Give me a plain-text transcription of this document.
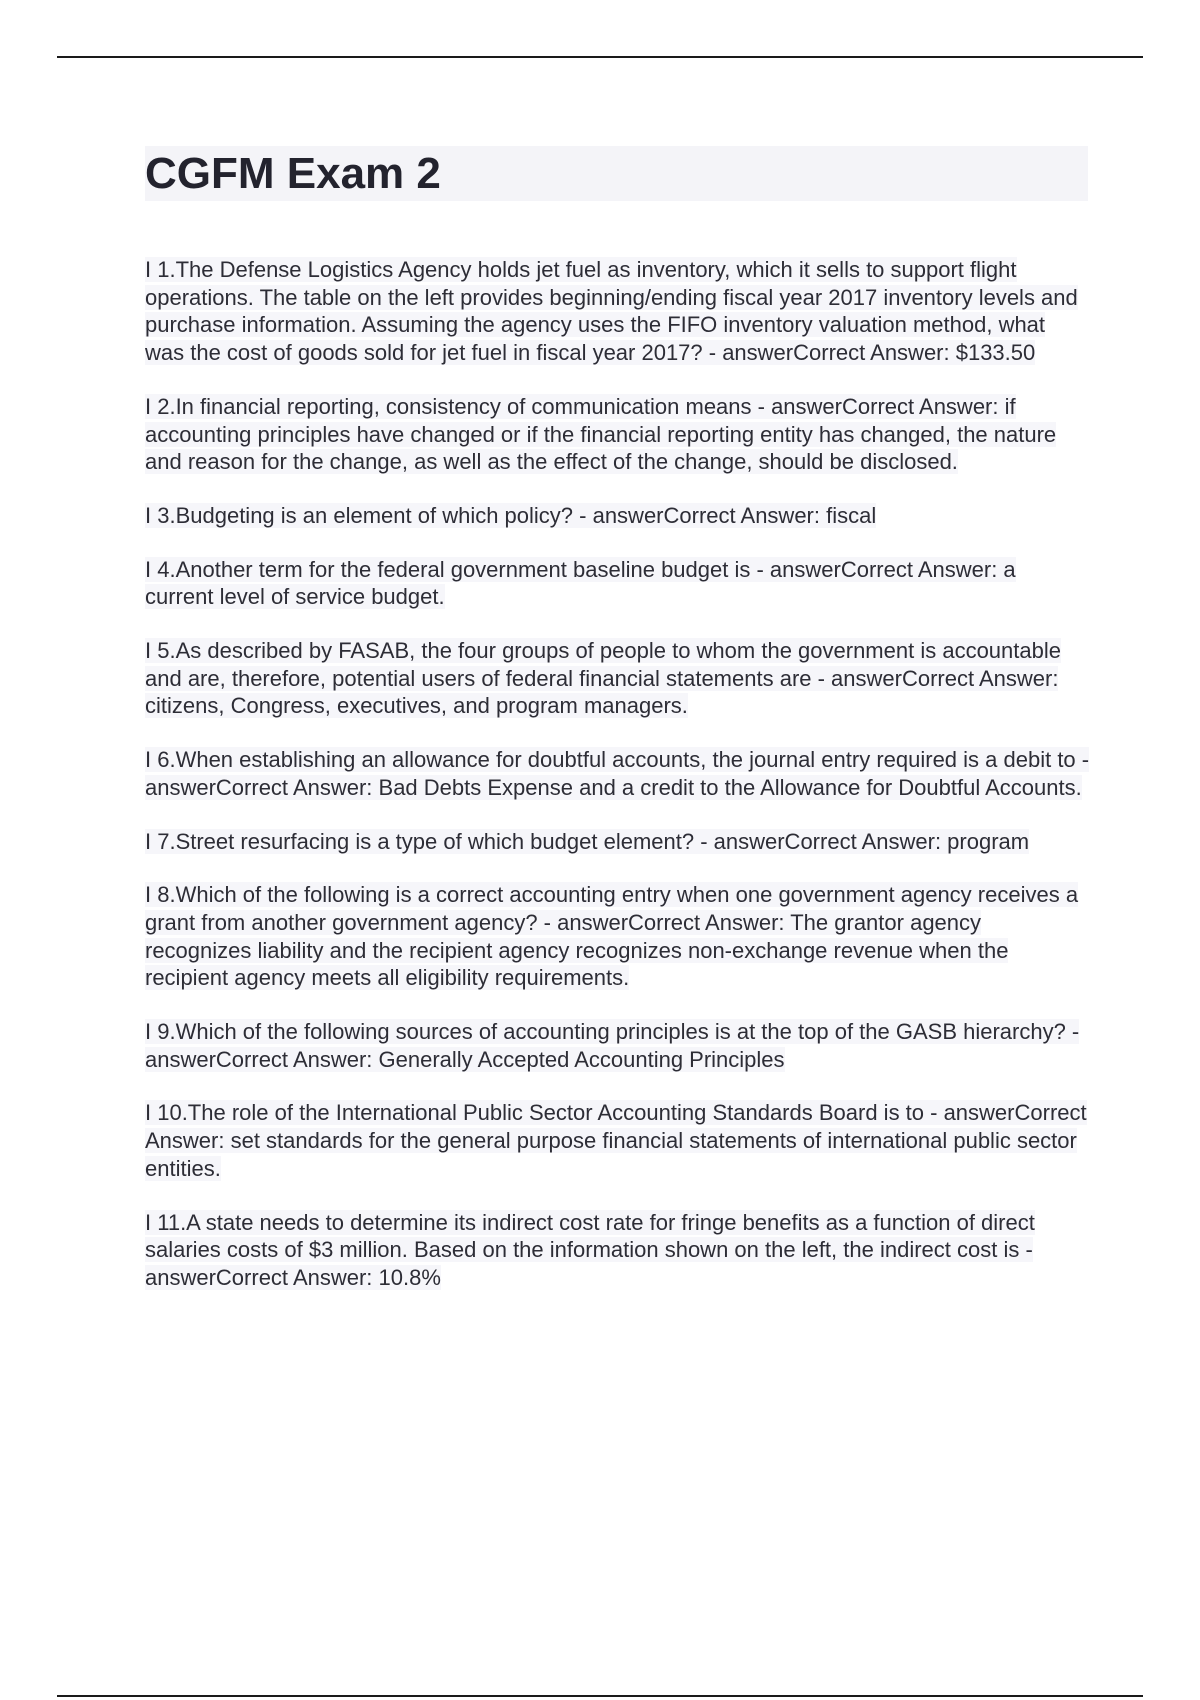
CGFM Exam 2
I 1.The Defense Logistics Agency holds jet fuel as inventory, which it sells to support flight operations. The table on the left provides beginning/ending fiscal year 2017 inventory levels and purchase information. Assuming the agency uses the FIFO inventory valuation method, what was the cost of goods sold for jet fuel in fiscal year 2017? - answerCorrect Answer: $133.50
I 2.In financial reporting, consistency of communication means - answerCorrect Answer: if accounting principles have changed or if the financial reporting entity has changed, the nature and reason for the change, as well as the effect of the change, should be disclosed.
I 3.Budgeting is an element of which policy? - answerCorrect Answer: fiscal
I 4.Another term for the federal government baseline budget is - answerCorrect Answer: a current level of service budget.
I 5.As described by FASAB, the four groups of people to whom the government is accountable and are, therefore, potential users of federal financial statements are - answerCorrect Answer: citizens, Congress, executives, and program managers.
I 6.When establishing an allowance for doubtful accounts, the journal entry required is a debit to - answerCorrect Answer: Bad Debts Expense and a credit to the Allowance for Doubtful Accounts.
I 7.Street resurfacing is a type of which budget element? - answerCorrect Answer: program
I 8.Which of the following is a correct accounting entry when one government agency receives a grant from another government agency? - answerCorrect Answer: The grantor agency recognizes liability and the recipient agency recognizes non-exchange revenue when the recipient agency meets all eligibility requirements.
I 9.Which of the following sources of accounting principles is at the top of the GASB hierarchy? - answerCorrect Answer: Generally Accepted Accounting Principles
I 10.The role of the International Public Sector Accounting Standards Board is to - answerCorrect Answer: set standards for the general purpose financial statements of international public sector entities.
I 11.A state needs to determine its indirect cost rate for fringe benefits as a function of direct salaries costs of $3 million. Based on the information shown on the left, the indirect cost is - answerCorrect Answer: 10.8%
